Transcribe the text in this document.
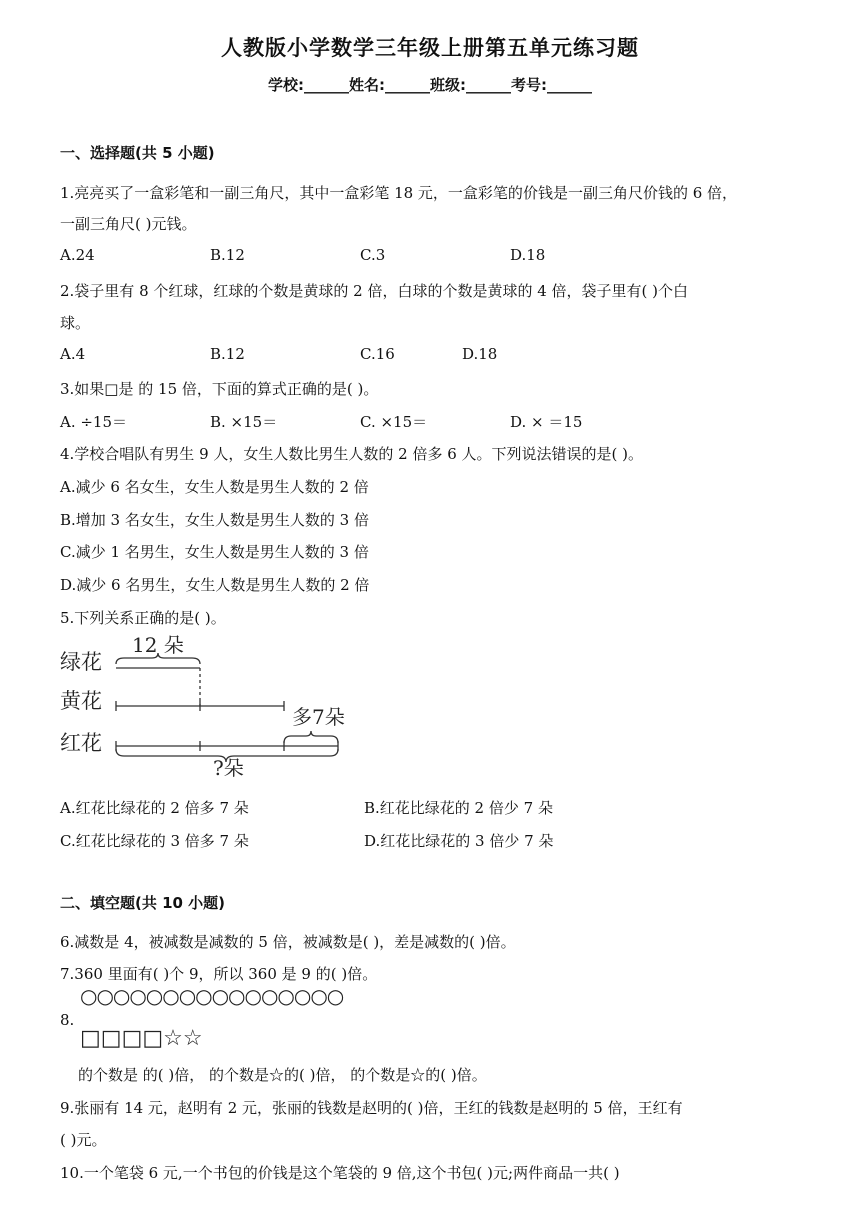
人教版小学数学三年级上册第五单元练习题
学校:______姓名:______班级:______考号:______
一、选择题(共 5 小题)
1.亮亮买了一盒彩笔和一副三角尺，其中一盒彩笔 18 元，一盒彩笔的价钱是一副三角尺价钱的 6 倍，
一副三角尺( )元钱。
A.24	B.12	C.3	D.18
2.袋子里有 8 个红球，红球的个数是黄球的 2 倍，白球的个数是黄球的 4 倍，袋子里有( )个白
球。
A.4	B.12	C.16	D.18
3.如果□是 的 15 倍，下面的算式正确的是( )。
A. ÷15＝	B. ×15＝	C. ×15＝	D. × ＝15
4.学校合唱队有男生 9 人，女生人数比男生人数的 2 倍多 6 人。下列说法错误的是( )。
A.减少 6 名女生，女生人数是男生人数的 2 倍
B.增加 3 名女生，女生人数是男生人数的 3 倍
C.减少 1 名男生，女生人数是男生人数的 3 倍
D.减少 6 名男生，女生人数是男生人数的 2 倍
5.下列关系正确的是( )。
绿花
黄花
红花
12 朵
多7朵
?朵
A.红花比绿花的 2 倍多 7 朵	B.红花比绿花的 2 倍少 7 朵
C.红花比绿花的 3 倍多 7 朵	D.红花比绿花的 3 倍少 7 朵
二、填空题(共 10 小题)
6.减数是 4，被减数是减数的 5 倍，被减数是( )，差是减数的( )倍。
7.360 里面有( )个 9，所以 360 是 9 的( )倍。
○○○○○○○○○○○○○○○○
8.
□□□□☆☆
的个数是 的( )倍， 的个数是☆的( )倍， 的个数是☆的( )倍。
9.张丽有 14 元，赵明有 2 元，张丽的钱数是赵明的( )倍，王红的钱数是赵明的 5 倍，王红有
( )元。
10.一个笔袋 6 元,一个书包的价钱是这个笔袋的 9 倍,这个书包( )元;两件商品一共( )
